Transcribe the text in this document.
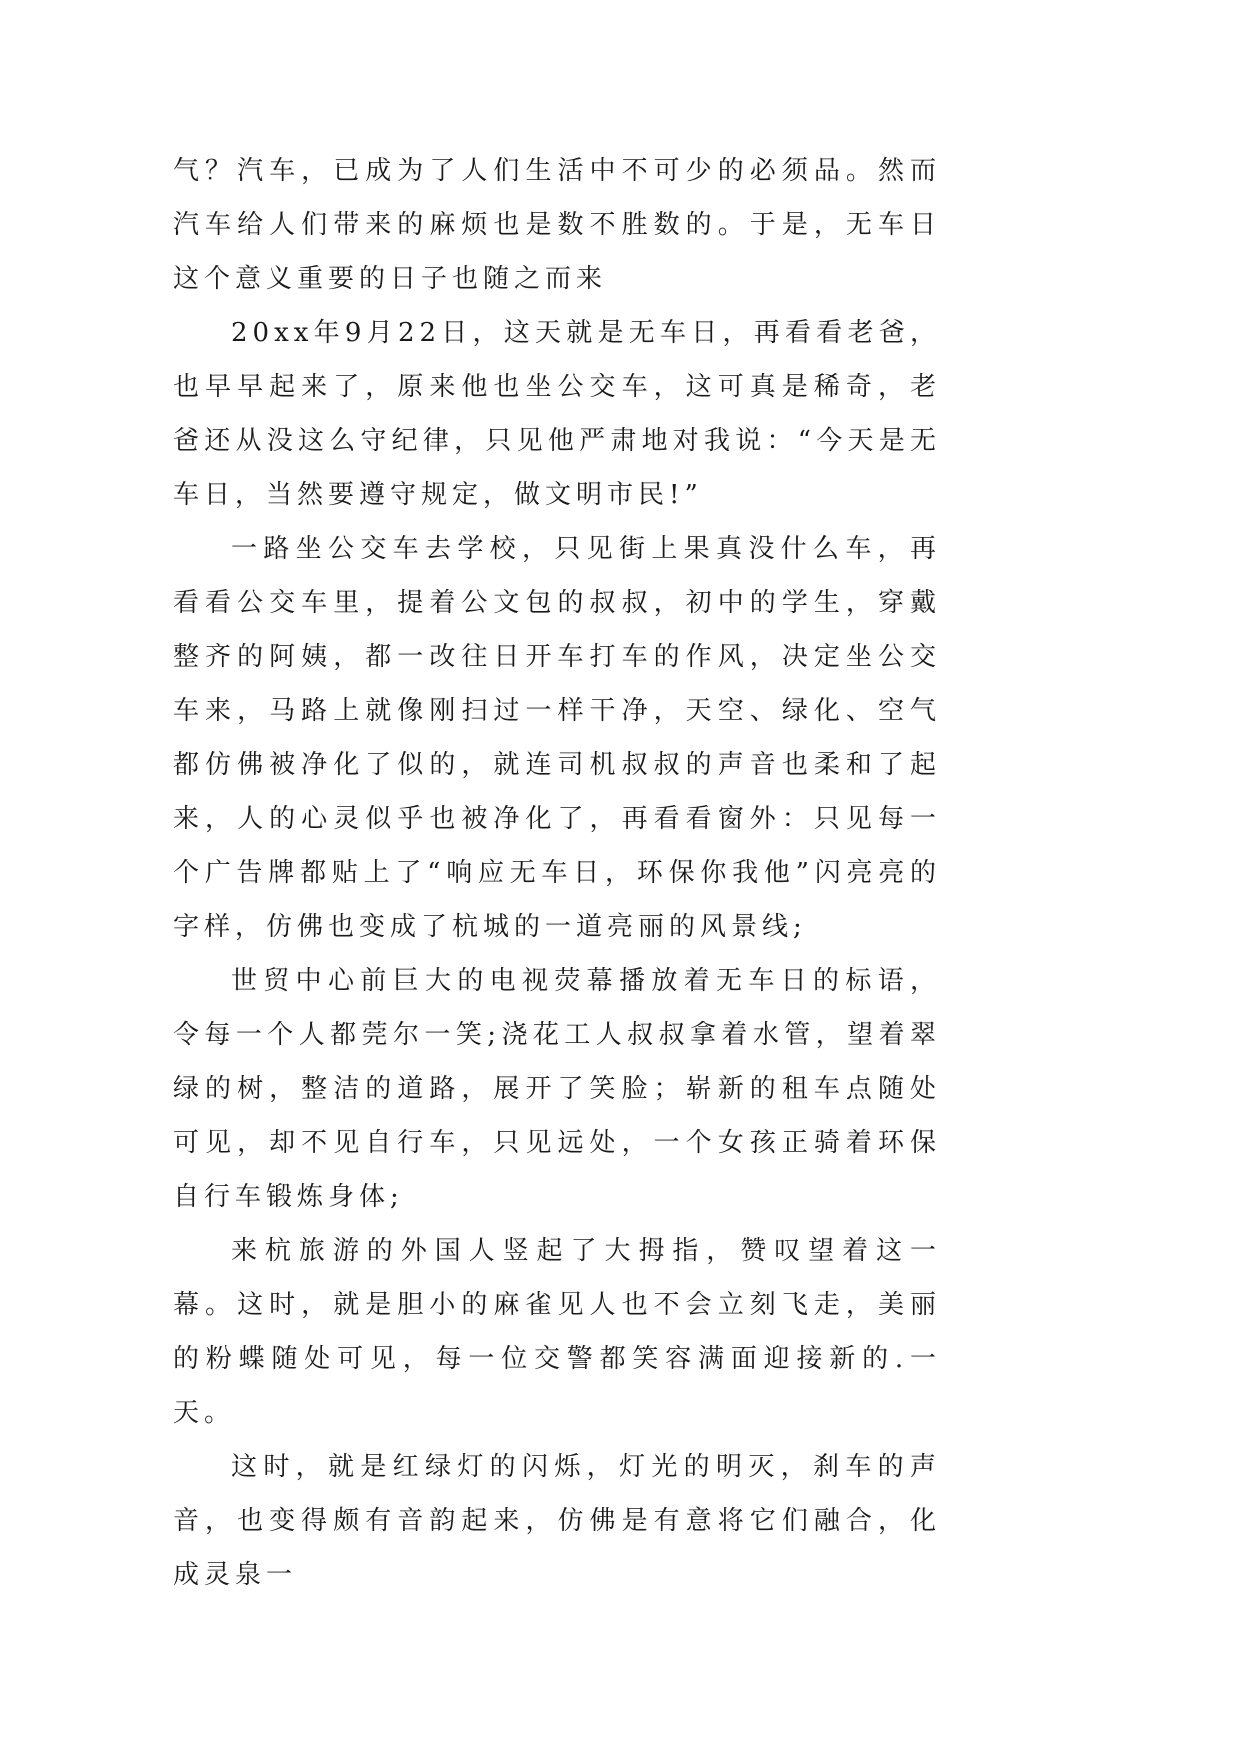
气？汽车，已成为了人们生活中不可少的必须品。然而汽车给人们带来的麻烦也是数不胜数的。于是，无车日这个意义重要的日子也随之而来

20xx年9月22日，这天就是无车日，再看看老爸，也早早起来了，原来他也坐公交车，这可真是稀奇，老爸还从没这么守纪律，只见他严肃地对我说：“今天是无车日，当然要遵守规定，做文明市民!”

一路坐公交车去学校，只见街上果真没什么车，再看看公交车里，提着公文包的叔叔，初中的学生，穿戴整齐的阿姨，都一改往日开车打车的作风，决定坐公交车来，马路上就像刚扫过一样干净，天空、绿化、空气都仿佛被净化了似的，就连司机叔叔的声音也柔和了起来，人的心灵似乎也被净化了，再看看窗外：只见每一个广告牌都贴上了“响应无车日，环保你我他”闪亮亮的字样，仿佛也变成了杭城的一道亮丽的风景线;

世贸中心前巨大的电视荧幕播放着无车日的标语，令每一个人都莞尔一笑;浇花工人叔叔拿着水管，望着翠绿的树，整洁的道路，展开了笑脸；崭新的租车点随处可见，却不见自行车，只见远处，一个女孩正骑着环保自行车锻炼身体;

来杭旅游的外国人竖起了大拇指，赞叹望着这一幕。这时，就是胆小的麻雀见人也不会立刻飞走，美丽的粉蝶随处可见，每一位交警都笑容满面迎接新的.一天。

这时，就是红绿灯的闪烁，灯光的明灭，刹车的声音，也变得颇有音韵起来，仿佛是有意将它们融合，化成灵泉一
